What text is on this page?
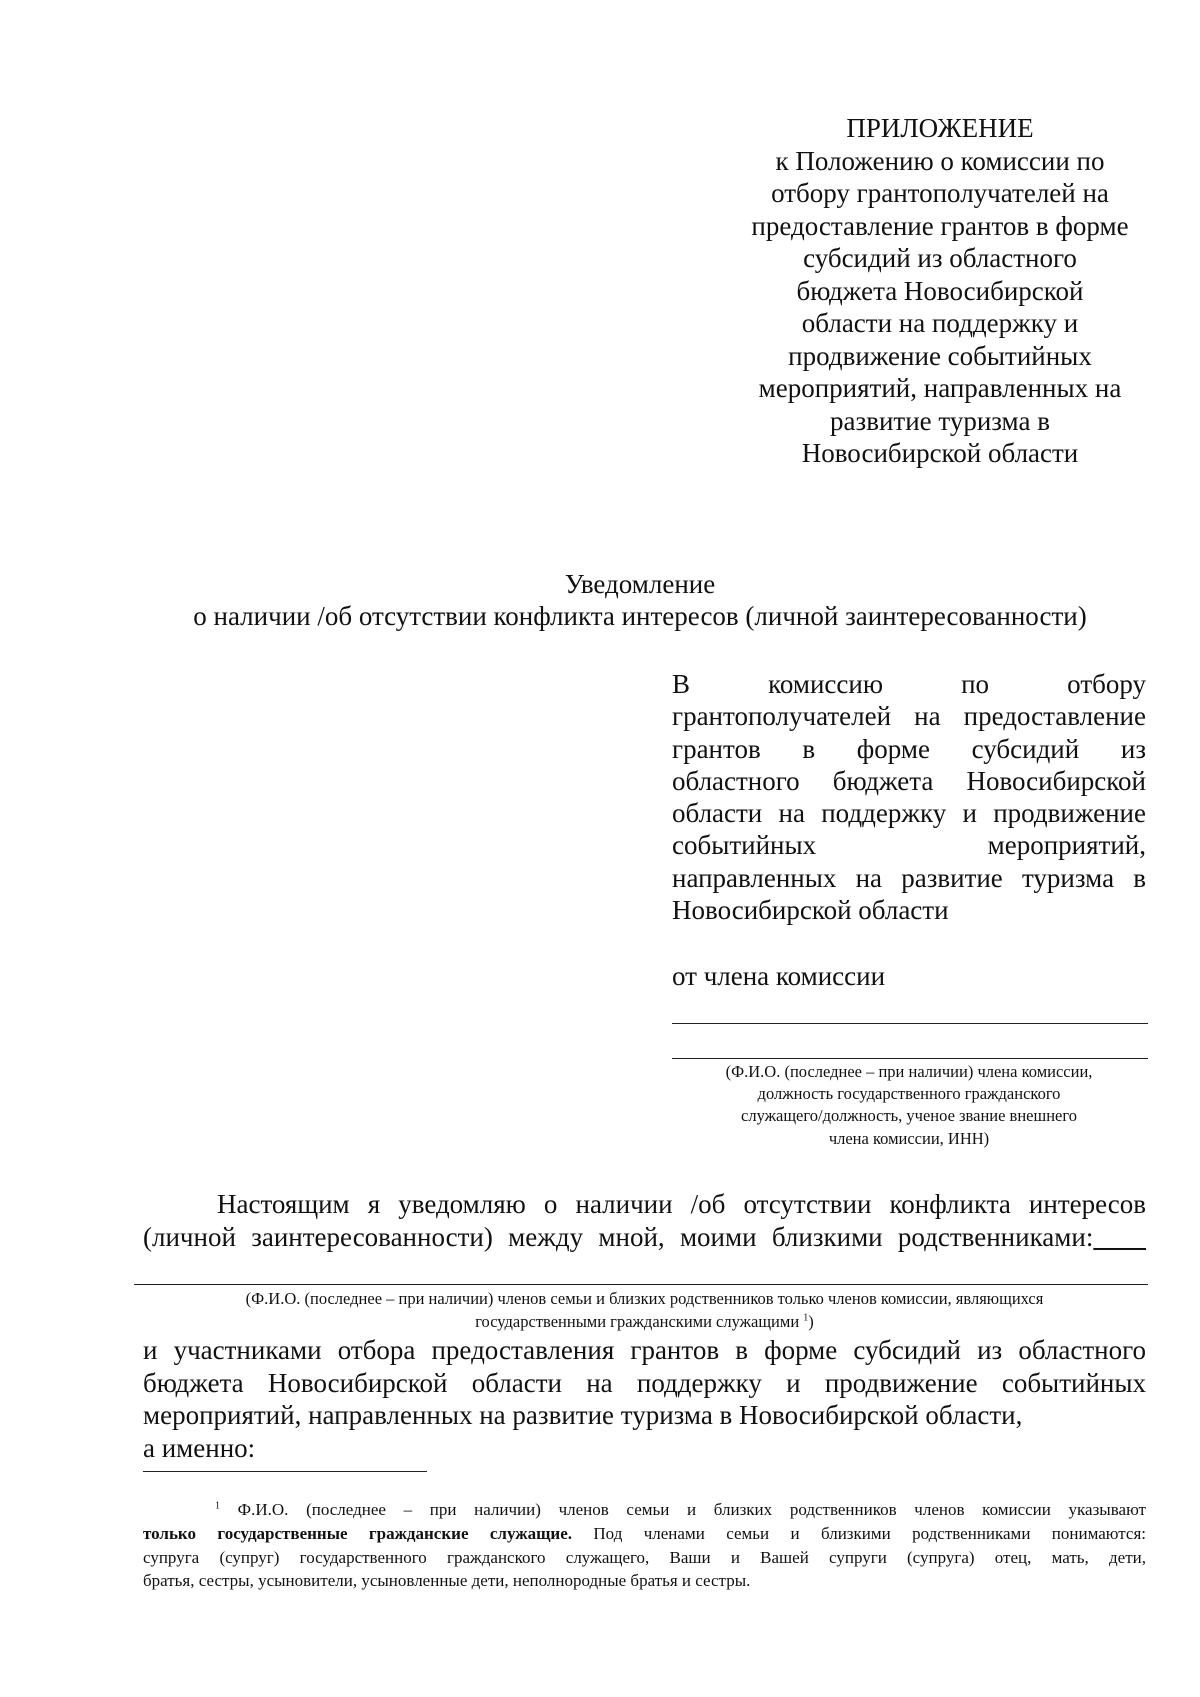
ПРИЛОЖЕНИЕ
к Положению о комиссии по
отбору грантополучателей на
предоставление грантов в форме
субсидий из областного
бюджета Новосибирской
области на поддержку и
продвижение событийных
мероприятий, направленных на
развитие туризма в
Новосибирской области
Уведомление
о наличии /об отсутствии конфликта интересов (личной заинтересованности)
В комиссию по отбору
грантополучателей на предоставление
грантов в форме субсидий из
областного бюджета Новосибирской
области на поддержку и продвижение
событийных мероприятий,
направленных на развитие туризма в
Новосибирской области
от члена комиссии
(Ф.И.О. (последнее – при наличии) члена комиссии,
должность государственного гражданского
служащего/должность, ученое звание внешнего
члена комиссии, ИНН)
Настоящим я уведомляю о наличии /об отсутствии конфликта интересов
(личной заинтересованности) между мной, моими близкими родственниками:
(Ф.И.О. (последнее – при наличии) членов семьи и близких родственников только членов комиссии, являющихся
государственными гражданскими служащими $^1$)
и участниками отбора предоставления грантов в форме субсидий из областного
бюджета Новосибирской области на поддержку и продвижение событийных
мероприятий, направленных на развитие туризма в Новосибирской области,
а именно:
$^1$ Ф.И.О. (последнее – при наличии) членов семьи и близких родственников членов комиссии указывают
только государственные гражданские служащие. Под членами семьи и близкими родственниками понимаются:
супруга (супруг) государственного гражданского служащего, Ваши и Вашей супруги (супруга) отец, мать, дети,
братья, сестры, усыновители, усыновленные дети, неполнородные братья и сестры.
